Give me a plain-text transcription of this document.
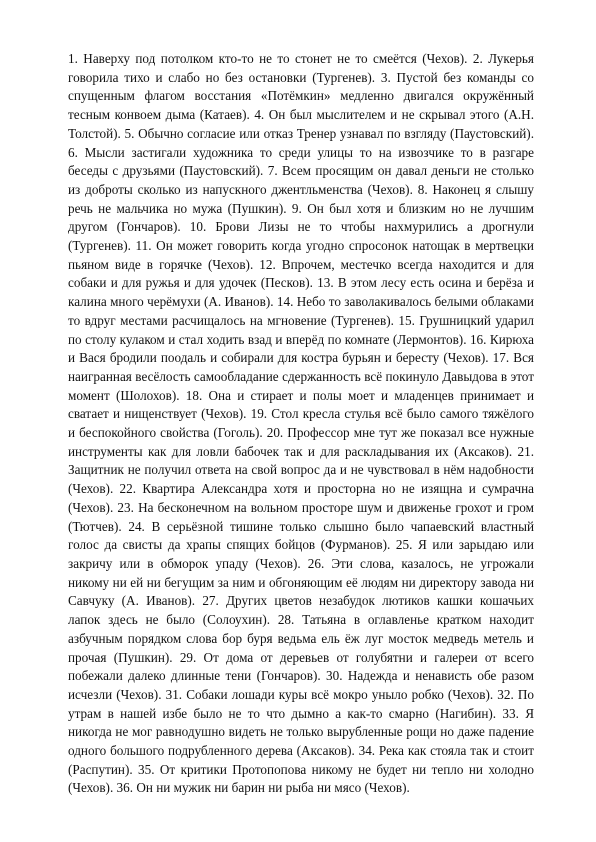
1. Наверху под потолком кто-то не то стонет не то смеётся (Чехов). 2. Лукерья говорила тихо и слабо но без остановки (Тургенев). 3. Пустой без команды со спущенным флагом восстания «Потёмкин» медленно двигался окружённый тесным конвоем дыма (Катаев). 4. Он был мыслителем и не скрывал этого (А.Н. Толстой). 5. Обычно согласие или отказ Тренер узнавал по взгляду (Паустовский). 6. Мысли застигали художника то среди улицы то на извозчике то в разгаре беседы с друзьями (Паустовский). 7. Всем просящим он давал деньги не столько из доброты сколько из напускного джентльменства (Чехов). 8. Наконец я слышу речь не мальчика но мужа (Пушкин). 9. Он был хотя и близким но не лучшим другом (Гончаров). 10. Брови Лизы не то чтобы нахмурились а дрогнули (Тургенев). 11. Он может говорить когда угодно спросонок натощак в мертвецки пьяном виде в горячке (Чехов). 12. Впрочем, местечко всегда находится и для собаки и для ружья и для удочек (Песков). 13. В этом лесу есть осина и берёза и калина много черёмухи (А. Иванов). 14. Небо то заволакивалось белыми облаками то вдруг местами расчищалось на мгновение (Тургенев). 15. Грушницкий ударил по столу кулаком и стал ходить взад и вперёд по комнате (Лермонтов). 16. Кирюха и Вася бродили поодаль и собирали для костра бурьян и бересту (Чехов). 17. Вся наигранная весёлость самообладание сдержанность всё покинуло Давыдова в этот момент (Шолохов). 18. Она и стирает и полы моет и младенцев принимает и сватает и нищенствует (Чехов). 19. Стол кресла стулья всё было самого тяжёлого и беспокойного свойства (Гоголь). 20. Профессор мне тут же показал все нужные инструменты как для ловли бабочек так и для раскладывания их (Аксаков). 21. Защитник не получил ответа на свой вопрос да и не чувствовал в нём надобности (Чехов). 22. Квартира Александра хотя и просторна но не изящна и сумрачна (Чехов). 23. На бесконечном на вольном просторе шум и движенье грохот и гром (Тютчев). 24. В серьёзной тишине только слышно было чапаевский властный голос да свисты да храпы спящих бойцов (Фурманов). 25. Я или зарыдаю или закричу или в обморок упаду (Чехов). 26. Эти слова, казалось, не угрожали никому ни ей ни бегущим за ним и обгоняющим её людям ни директору завода ни Савчуку (А. Иванов). 27. Других цветов незабудок лютиков кашки кошачьих лапок здесь не было (Солоухин). 28. Татьяна в оглавленье кратком находит азбучным порядком слова бор буря ведьма ель ёж луг мосток медведь метель и прочая (Пушкин). 29. От дома от деревьев от голубятни и галереи от всего побежали далеко длинные тени (Гончаров). 30. Надежда и ненависть обе разом исчезли (Чехов). 31. Собаки лошади куры всё мокро уныло робко (Чехов). 32. По утрам в нашей избе было не то что дымно а как-то смарно (Нагибин). 33. Я никогда не мог равнодушно видеть не только вырубленные рощи но даже падение одного большого подрубленного дерева (Аксаков). 34. Река как стояла так и стоит (Распутин). 35. От критики Протопопова никому не будет ни тепло ни холодно (Чехов). 36. Он ни мужик ни барин ни рыба ни мясо (Чехов).
